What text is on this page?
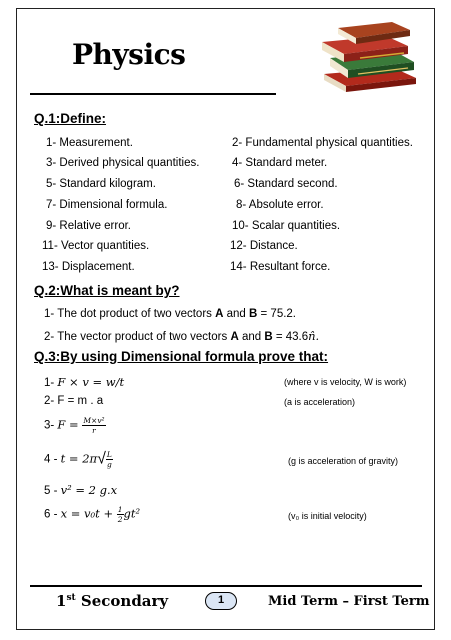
Physics
Q.1:Define:
1- Measurement.	2- Fundamental physical quantities.
3- Derived physical quantities.	4- Standard meter.
5- Standard kilogram.	6- Standard second.
7- Dimensional formula.	8- Absolute error.
9- Relative error.	10- Scalar quantities.
11- Vector quantities.	12- Distance.
13- Displacement.	14- Resultant force.
Q.2:What is meant by?
1- The dot product of two vectors A and B = 75.2.
2- The vector product of two vectors A and B = 43.6n̂.
Q.3:By using Dimensional formula prove that:
1- F × v = w/t	(where v is velocity, W is work)
2- F = m . a	(a is acceleration)
3- $F = \frac{\text{M×v²}}{r}$
$4 - t = 2\pi√ \frac{L}{g}$	(g is acceleration of gravity)
5 - v² = 2 g.x
$6 - x = v_0t + \frac{1}{2} gt^2$	(v₀ is initial velocity)
1st Secondary	1	Mid Term – First Term
